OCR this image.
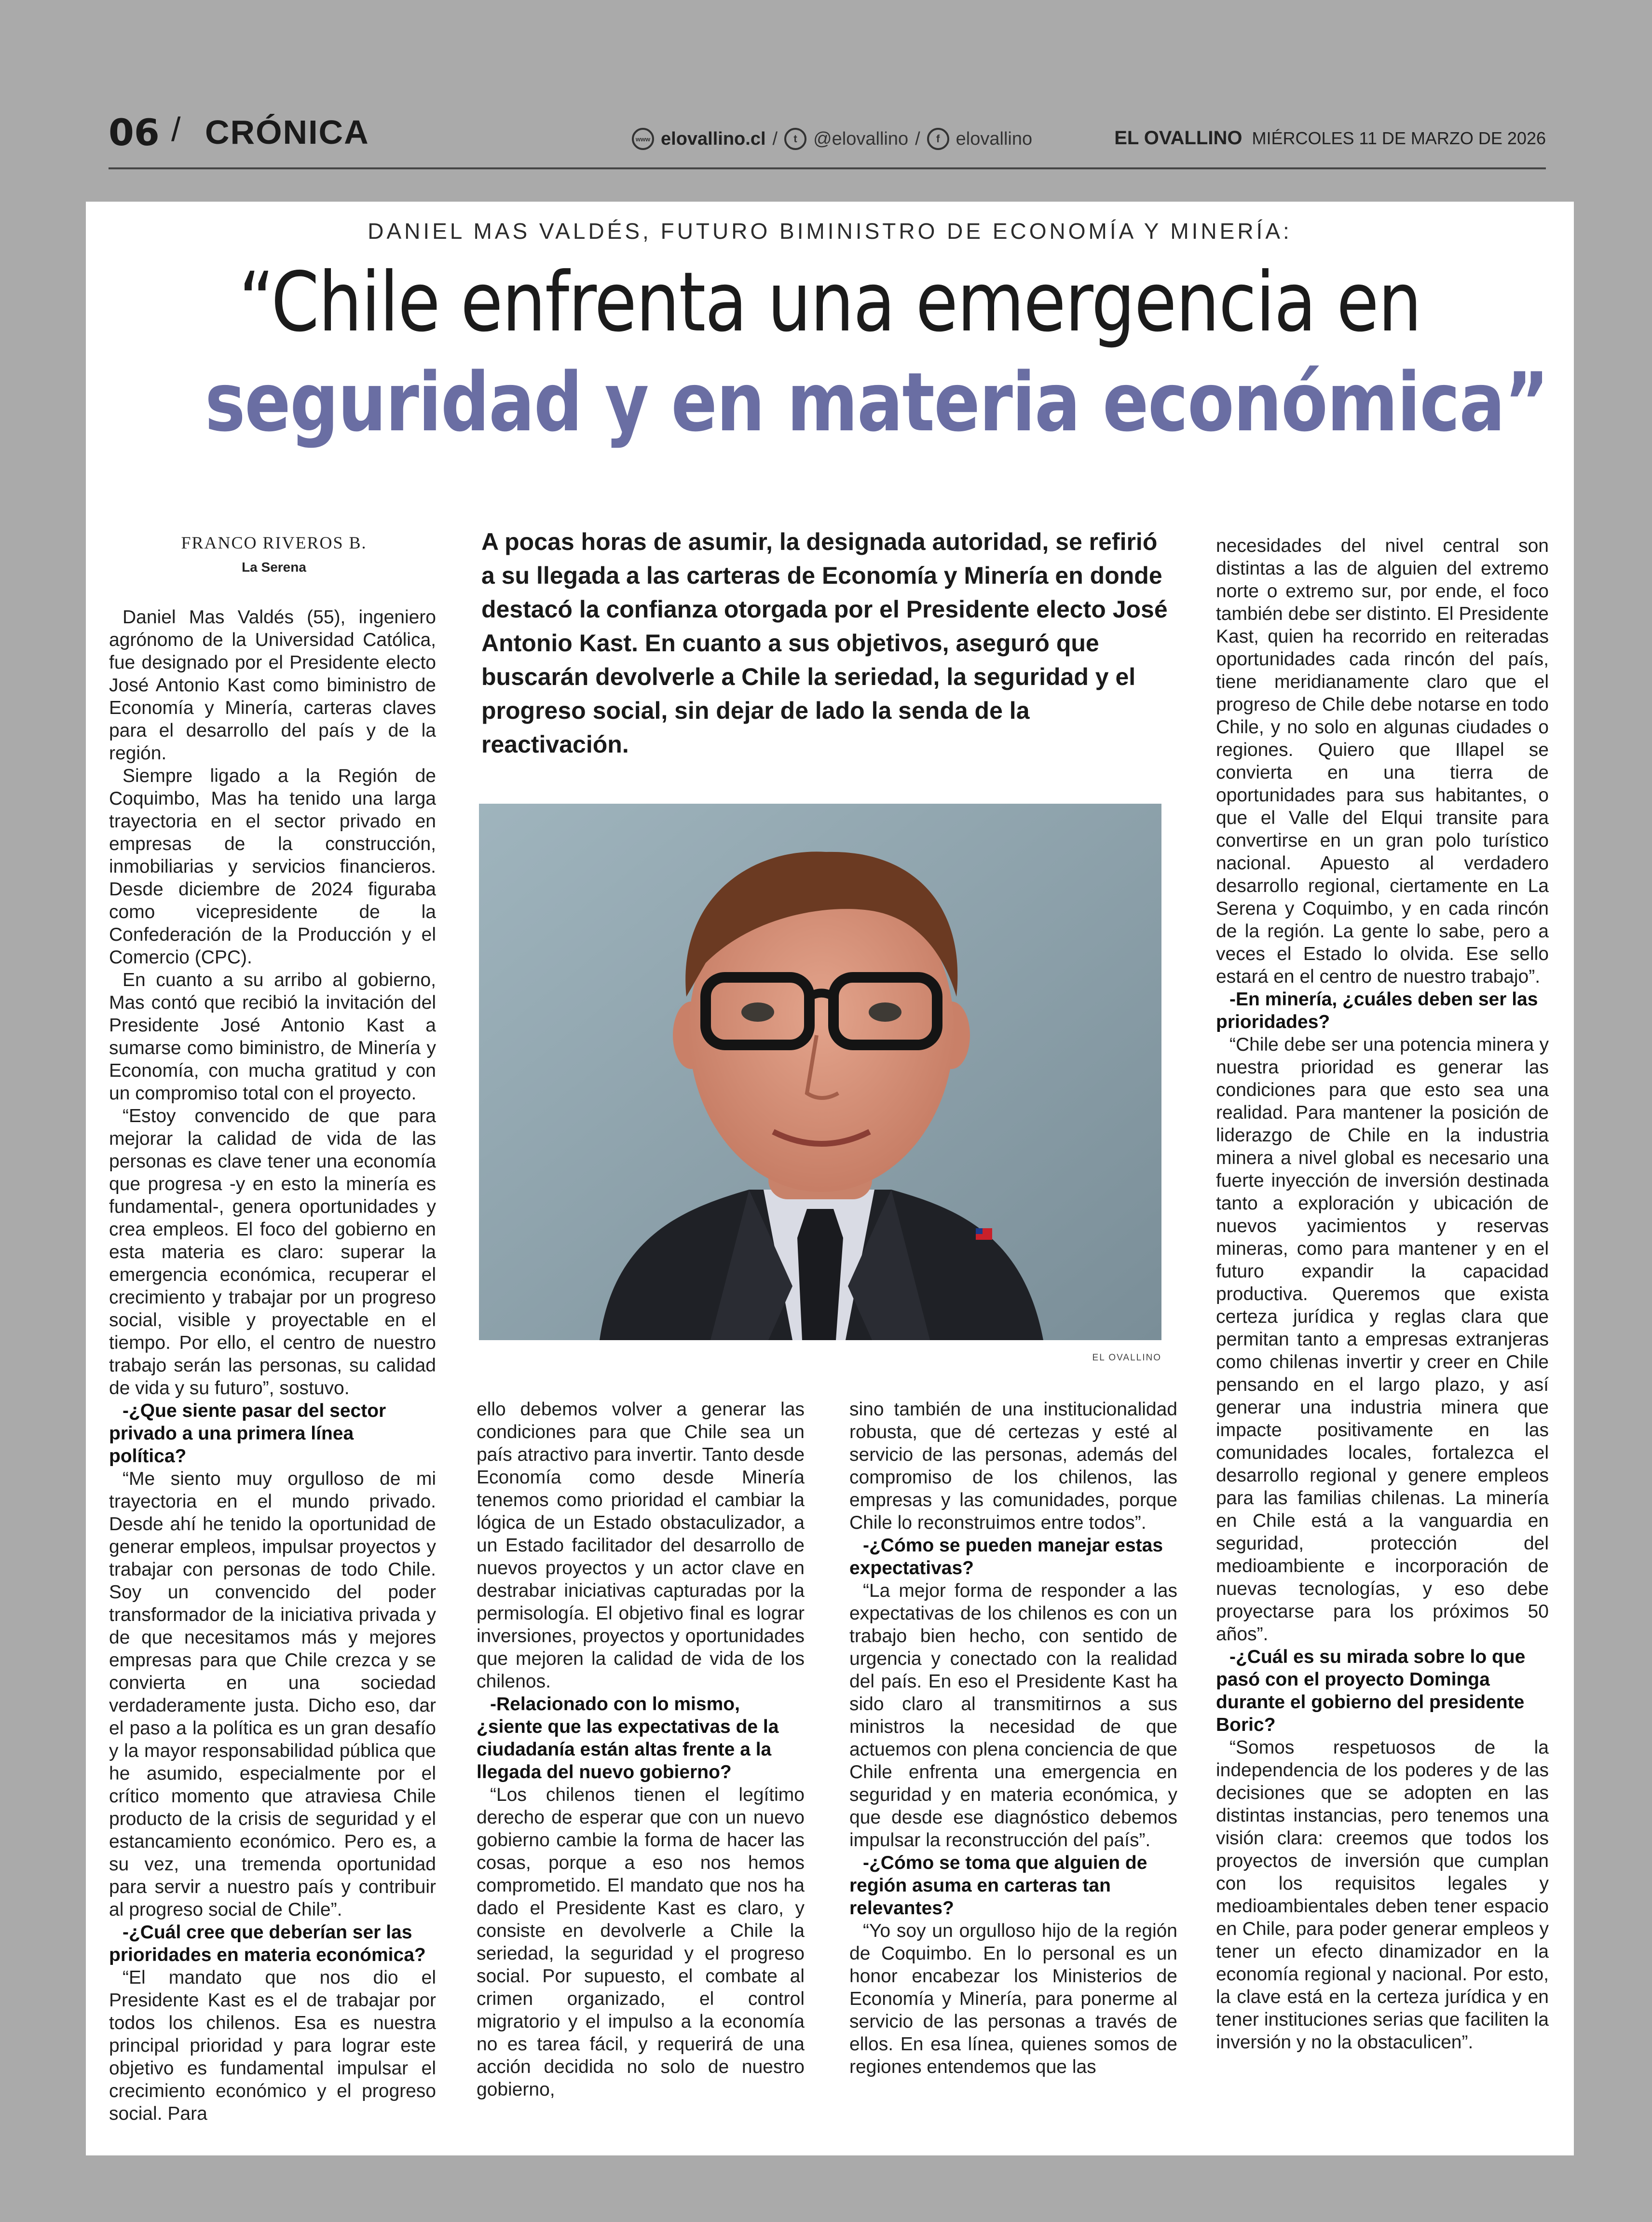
06 / CRÓNICA	www elovallino.cl /	t @elovallino /	f elovallino	EL OVALLINO MIÉRCOLES 11 DE MARZO DE 2026
DANIEL MAS VALDÉS, FUTURO BIMINISTRO DE ECONOMÍA Y MINERÍA:
“Chile enfrenta una emergencia en
seguridad y en materia económica”
FRANCO RIVEROS B.
La Serena
A pocas horas de asumir, la designada autoridad, se refirió a su llegada a las carteras de Economía y Minería en donde destacó la confianza otorgada por el Presidente electo José Antonio Kast. En cuanto a sus objetivos, aseguró que buscarán devolverle a Chile la seriedad, la seguridad y el progreso social, sin dejar de lado la senda de la reactivación.
EL OVALLINO

Daniel Mas Valdés (55), ingeniero agrónomo de la Universidad Católica, fue designado por el Presidente electo José Antonio Kast como biministro de Economía y Minería, carteras claves para el desarrollo del país y de la región.

Siempre ligado a la Región de Coquimbo, Mas ha tenido una larga trayectoria en el sector privado en empresas de la construcción, inmobiliarias y servicios financieros. Desde diciembre de 2024 figuraba como vicepresidente de la Confederación de la Producción y el Comercio (CPC).

En cuanto a su arribo al gobierno, Mas contó que recibió la invitación del Presidente José Antonio Kast a sumarse como biministro, de Minería y Economía, con mucha gratitud y con un compromiso total con el proyecto.

“Estoy convencido de que para mejorar la calidad de vida de las personas es clave tener una economía que progresa -y en esto la minería es fundamental-, genera oportunidades y crea empleos. El foco del gobierno en esta materia es claro: superar la emergencia económica, recuperar el crecimiento y trabajar por un progreso social, visible y proyectable en el tiempo. Por ello, el centro de nuestro trabajo serán las personas, su calidad de vida y su futuro”, sostuvo.

-¿Que siente pasar del sector privado a una primera línea política?

“Me siento muy orgulloso de mi trayectoria en el mundo privado. Desde ahí he tenido la oportunidad de generar empleos, impulsar proyectos y trabajar con personas de todo Chile. Soy un convencido del poder transformador de la iniciativa privada y de que necesitamos más y mejores empresas para que Chile crezca y se convierta en una sociedad verdaderamente justa. Dicho eso, dar el paso a la política es un gran desafío y la mayor responsabilidad pública que he asumido, especialmente por el crítico momento que atraviesa Chile producto de la crisis de seguridad y el estancamiento económico. Pero es, a su vez, una tremenda oportunidad para servir a nuestro país y contribuir al progreso social de Chile”.

-¿Cuál cree que deberían ser las prioridades en materia económica?

“El mandato que nos dio el Presidente Kast es el de trabajar por todos los chilenos. Esa es nuestra principal prioridad y para lograr este objetivo es fundamental impulsar el crecimiento económico y el progreso social. Para

ello debemos volver a generar las condiciones para que Chile sea un país atractivo para invertir. Tanto desde Economía como desde Minería tenemos como prioridad el cambiar la lógica de un Estado obstaculizador, a un Estado facilitador del desarrollo de nuevos proyectos y un actor clave en destrabar iniciativas capturadas por la permisología. El objetivo final es lograr inversiones, proyectos y oportunidades que mejoren la calidad de vida de los chilenos.

-Relacionado con lo mismo, ¿siente que las expectativas de la ciudadanía están altas frente a la llegada del nuevo gobierno?

“Los chilenos tienen el legítimo derecho de esperar que con un nuevo gobierno cambie la forma de hacer las cosas, porque a eso nos hemos comprometido. El mandato que nos ha dado el Presidente Kast es claro, y consiste en devolverle a Chile la seriedad, la seguridad y el progreso social. Por supuesto, el combate al crimen organizado, el control migratorio y el impulso a la economía no es tarea fácil, y requerirá de una acción decidida no solo de nuestro gobierno,

sino también de una institucionalidad robusta, que dé certezas y esté al servicio de las personas, además del compromiso de los chilenos, las empresas y las comunidades, porque Chile lo reconstruimos entre todos”.

-¿Cómo se pueden manejar estas expectativas?

“La mejor forma de responder a las expectativas de los chilenos es con un trabajo bien hecho, con sentido de urgencia y conectado con la realidad del país. En eso el Presidente Kast ha sido claro al transmitirnos a sus ministros la necesidad de que actuemos con plena conciencia de que Chile enfrenta una emergencia en seguridad y en materia económica, y que desde ese diagnóstico debemos impulsar la reconstrucción del país”.

-¿Cómo se toma que alguien de región asuma en carteras tan relevantes?

“Yo soy un orgulloso hijo de la región de Coquimbo. En lo personal es un honor encabezar los Ministerios de Economía y Minería, para ponerme al servicio de las personas a través de ellos. En esa línea, quienes somos de regiones entendemos que las

necesidades del nivel central son distintas a las de alguien del extremo norte o extremo sur, por ende, el foco también debe ser distinto. El Presidente Kast, quien ha recorrido en reiteradas oportunidades cada rincón del país, tiene meridianamente claro que el progreso de Chile debe notarse en todo Chile, y no solo en algunas ciudades o regiones. Quiero que Illapel se convierta en una tierra de oportunidades para sus habitantes, o que el Valle del Elqui transite para convertirse en un gran polo turístico nacional. Apuesto al verdadero desarrollo regional, ciertamente en La Serena y Coquimbo, y en cada rincón de la región. La gente lo sabe, pero a veces el Estado lo olvida. Ese sello estará en el centro de nuestro trabajo”.

-En minería, ¿cuáles deben ser las prioridades?

“Chile debe ser una potencia minera y nuestra prioridad es generar las condiciones para que esto sea una realidad. Para mantener la posición de liderazgo de Chile en la industria minera a nivel global es necesario una fuerte inyección de inversión destinada tanto a exploración y ubicación de nuevos yacimientos y reservas mineras, como para mantener y en el futuro expandir la capacidad productiva. Queremos que exista certeza jurídica y reglas clara que permitan tanto a empresas extranjeras como chilenas invertir y creer en Chile pensando en el largo plazo, y así generar una industria minera que impacte positivamente en las comunidades locales, fortalezca el desarrollo regional y genere empleos para las familias chilenas. La minería en Chile está a la vanguardia en seguridad, protección del medioambiente e incorporación de nuevas tecnologías, y eso debe proyectarse para los próximos 50 años”.

-¿Cuál es su mirada sobre lo que pasó con el proyecto Dominga durante el gobierno del presidente Boric?

“Somos respetuosos de la independencia de los poderes y de las decisiones que se adopten en las distintas instancias, pero tenemos una visión clara: creemos que todos los proyectos de inversión que cumplan con los requisitos legales y medioambientales deben tener espacio en Chile, para poder generar empleos y tener un efecto dinamizador en la economía regional y nacional. Por esto, la clave está en la certeza jurídica y en tener instituciones serias que faciliten la inversión y no la obstaculicen”.
